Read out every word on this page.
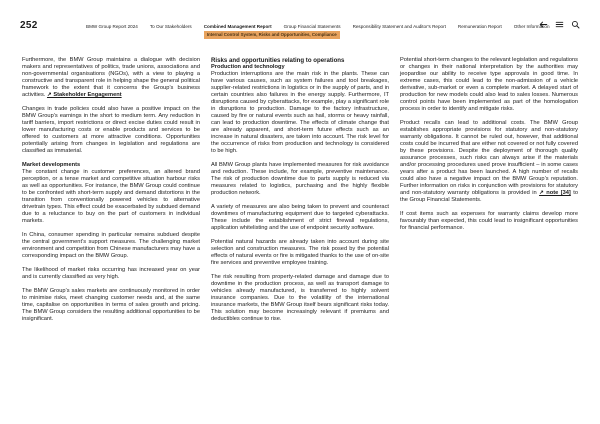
252	BMW Group Report 2024	To Our Stakeholders	Combined Management Report
Internal Control System, Risks and Opportunities, Compliance
Group Financial Statements	Responsibility Statement and Auditor's Report	Remuneration Report	Other Information

Furthermore, the BMW Group maintains a dialogue with decision makers and representatives of politics, trade unions, associations and non-governmental organisations (NGOs), with a view to playing a constructive and transparent role in helping shape the general political framework to the extent that it concerns the Group’s business activities. ↗ Stakeholder Engagement

Changes in trade policies could also have a positive impact on the BMW Group’s earnings in the short to medium term. Any reduction in tariff barriers, import restrictions or direct excise duties could result in lower manufacturing costs or enable products and services to be offered to customers at more attractive conditions. Opportunities potentially arising from changes in legislation and regulations are classified as immaterial.

Market developments

The constant change in customer preferences, an altered brand perception, or a tense market and competitive situation harbour risks as well as opportunities. For instance, the BMW Group could continue to be confronted with short-term supply and demand distortions in the transition from conventionally powered vehicles to alternative drivetrain types. This effect could be exacerbated by subdued demand due to a reluctance to buy on the part of customers in individual markets.

In China, consumer spending in particular remains subdued despite the central government’s support measures. The challenging market environment and competition from Chinese manufacturers may have a corresponding impact on the BMW Group.

The likelihood of market risks occurring has increased year on year and is currently classified as very high.

The BMW Group’s sales markets are continuously monitored in order to minimise risks, meet changing customer needs and, at the same time, capitalise on opportunities in terms of sales growth and pricing. The BMW Group considers the resulting additional opportunities to be insignificant.

Risks and opportunities relating to operations
Production and technology

Production interruptions are the main risk in the plants. These can have various causes, such as system failures and tool breakages, supplier-related restrictions in logistics or in the supply of parts, and in certain countries also failures in the energy supply. Furthermore, IT disruptions caused by cyberattacks, for example, play a significant role in disruptions to production. Damage to the factory infrastructure, caused by fire or natural events such as hail, storms or heavy rainfall, can lead to production downtime. The effects of climate change that are already apparent, and short-term future effects such as an increase in natural disasters, are taken into account. The risk level for the occurrence of risks from production and technology is considered to be high.

All BMW Group plants have implemented measures for risk avoidance and reduction. These include, for example, preventive maintenance. The risk of production downtime due to parts supply is reduced via measures related to logistics, purchasing and the highly flexible production network.

A variety of measures are also being taken to prevent and counteract downtimes of manufacturing equipment due to targeted cyberattacks. These include the establishment of strict firewall regulations, application whitelisting and the use of endpoint security software.

Potential natural hazards are already taken into account during site selection and construction measures. The risk posed by the potential effects of natural events or fire is mitigated thanks to the use of on-site fire services and preventive employee training.

The risk resulting from property-related damage and damage due to downtime in the production process, as well as transport damage to vehicles already manufactured, is transferred to highly solvent insurance companies. Due to the volatility of the international insurance markets, the BMW Group itself bears significant risks today. This solution may become increasingly relevant if premiums and deductibles continue to rise.

Potential short-term changes to the relevant legislation and regulations or changes in their national interpretation by the authorities may jeopardise our ability to receive type approvals in good time. In extreme cases, this could lead to the non-admission of a vehicle derivative, sub-market or even a complete market. A delayed start of production for new models could also lead to sales losses. Numerous control points have been implemented as part of the homologation process in order to identify and mitigate risks.

Product recalls can lead to additional costs. The BMW Group establishes appropriate provisions for statutory and non-statutory warranty obligations. It cannot be ruled out, however, that additional costs could be incurred that are either not covered or not fully covered by these provisions. Despite the deployment of thorough quality assurance processes, such risks can always arise if the materials and/or processing procedures used prove insufficient – in some cases years after a product has been launched. A high number of recalls could also have a negative impact on the BMW Group’s reputation. Further information on risks in conjunction with provisions for statutory and non-statutory warranty obligations is provided in ↗ note [34] to the Group Financial Statements.

If cost items such as expenses for warranty claims develop more favourably than expected, this could lead to insignificant opportunities for financial performance.
